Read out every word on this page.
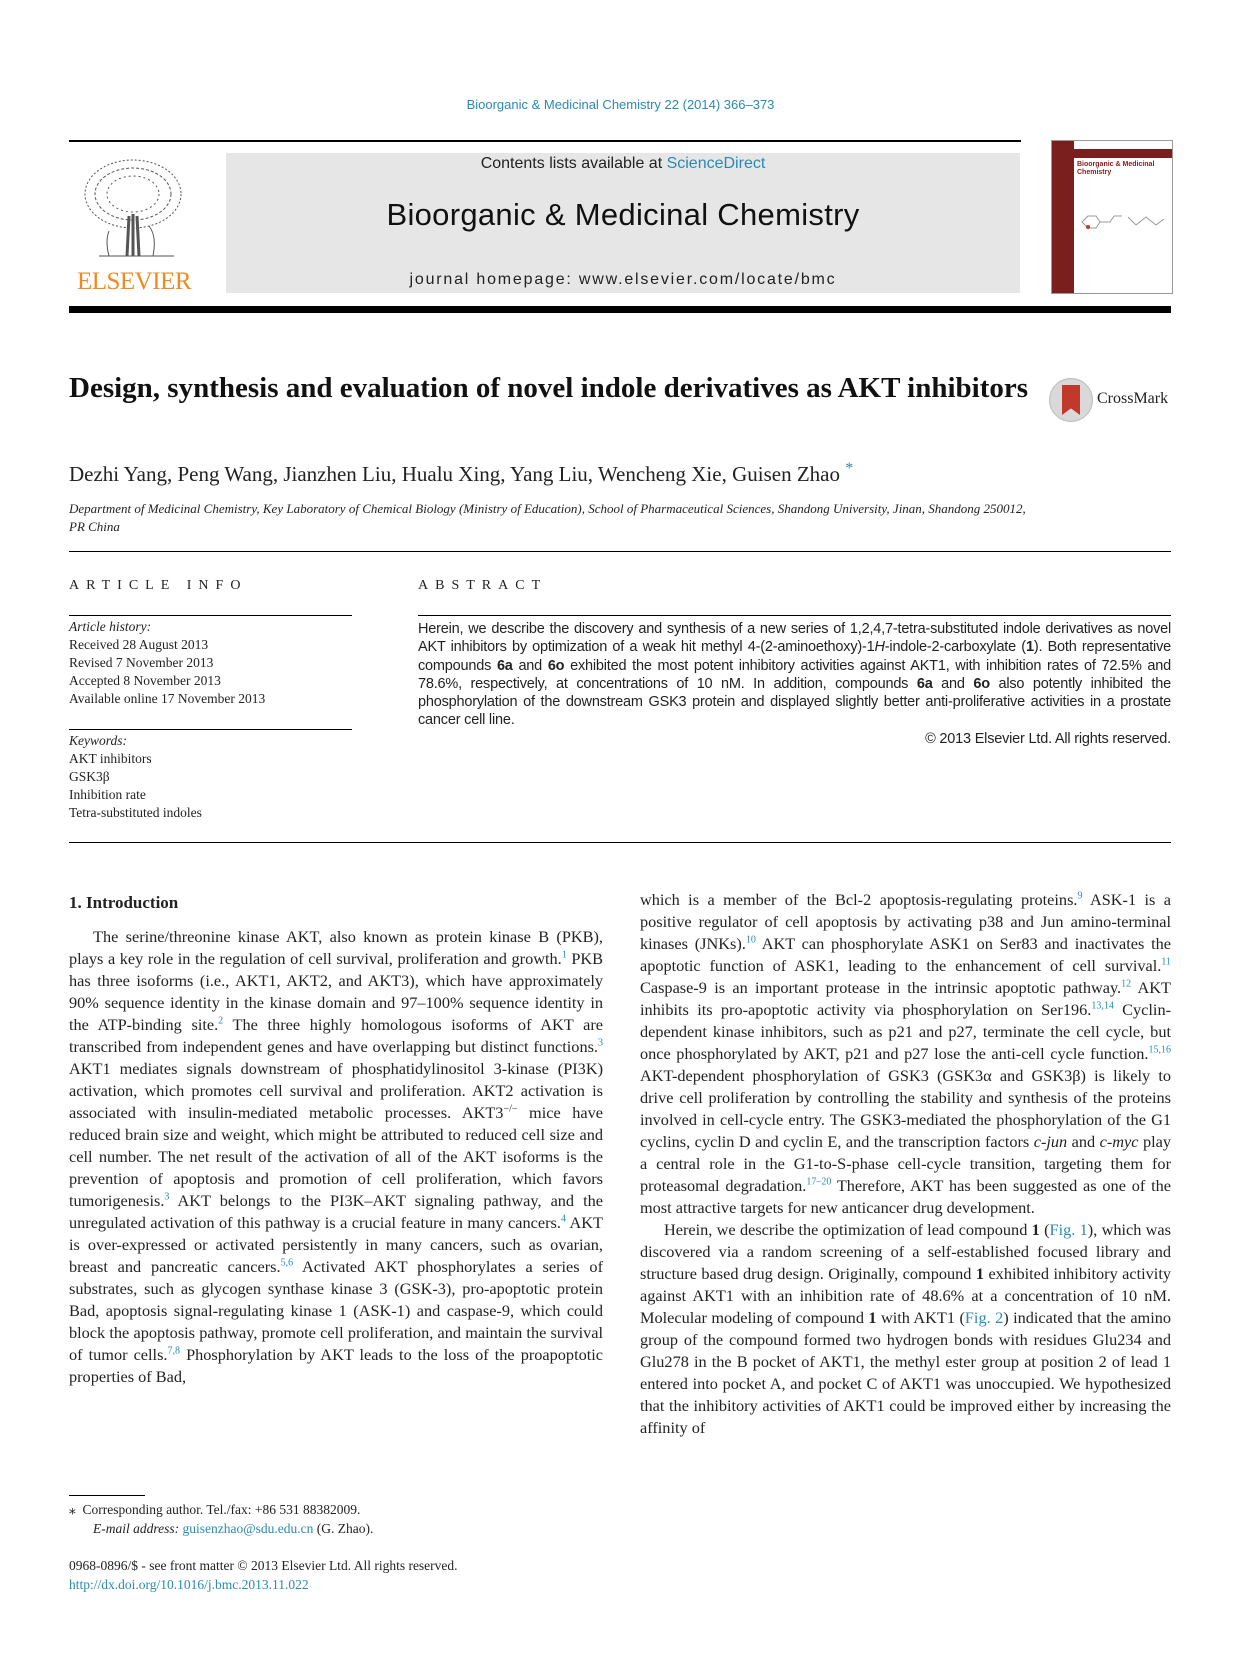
Bioorganic & Medicinal Chemistry 22 (2014) 366–373
ELSEVIER
Contents lists available at ScienceDirect
Bioorganic & Medicinal Chemistry
journal homepage: www.elsevier.com/locate/bmc
Bioorganic & Medicinal Chemistry
Design, synthesis and evaluation of novel indole derivatives as AKT inhibitors	CrossMark
Dezhi Yang, Peng Wang, Jianzhen Liu, Hualu Xing, Yang Liu, Wencheng Xie, Guisen Zhao *
Department of Medicinal Chemistry, Key Laboratory of Chemical Biology (Ministry of Education), School of Pharmaceutical Sciences, Shandong University, Jinan, Shandong 250012, PR China
ARTICLE INFO
Article history:
Received 28 August 2013
Revised 7 November 2013
Accepted 8 November 2013
Available online 17 November 2013
Keywords:
AKT inhibitors
GSK3β
Inhibition rate
Tetra-substituted indoles
ABSTRACT
Herein, we describe the discovery and synthesis of a new series of 1,2,4,7-tetra-substituted indole derivatives as novel AKT inhibitors by optimization of a weak hit methyl 4-(2-aminoethoxy)-1H-indole-2-carboxylate (1). Both representative compounds 6a and 6o exhibited the most potent inhibitory activities against AKT1, with inhibition rates of 72.5% and 78.6%, respectively, at concentrations of 10 nM. In addition, compounds 6a and 6o also potently inhibited the phosphorylation of the downstream GSK3 protein and displayed slightly better anti-proliferative activities in a prostate cancer cell line.
© 2013 Elsevier Ltd. All rights reserved.
1. Introduction

The serine/threonine kinase AKT, also known as protein kinase B (PKB), plays a key role in the regulation of cell survival, proliferation and growth.$^1$ PKB has three isoforms (i.e., AKT1, AKT2, and AKT3), which have approximately 90% sequence identity in the kinase domain and 97–100% sequence identity in the ATP-binding site.$^2$ The three highly homologous isoforms of AKT are transcribed from independent genes and have overlapping but distinct functions.$^3$ AKT1 mediates signals downstream of phosphatidylinositol 3-kinase (PI3K) activation, which promotes cell survival and proliferation. AKT2 activation is associated with insulin-mediated metabolic processes. AKT3−/− mice have reduced brain size and weight, which might be attributed to reduced cell size and cell number. The net result of the activation of all of the AKT isoforms is the prevention of apoptosis and promotion of cell proliferation, which favors tumorigenesis.$^3$ AKT belongs to the PI3K–AKT signaling pathway, and the unregulated activation of this pathway is a crucial feature in many cancers.$^4$ AKT is over-expressed or activated persistently in many cancers, such as ovarian, breast and pancreatic cancers.$^{5,6}$ Activated AKT phosphorylates a series of substrates, such as glycogen synthase kinase 3 (GSK-3), pro-apoptotic protein Bad, apoptosis signal-regulating kinase 1 (ASK-1) and caspase-9, which could block the apoptosis pathway, promote cell proliferation, and maintain the survival of tumor cells.$^{7,8}$ Phosphorylation by AKT leads to the loss of the proapoptotic properties of Bad,

which is a member of the Bcl-2 apoptosis-regulating proteins.$^9$ ASK-1 is a positive regulator of cell apoptosis by activating p38 and Jun amino-terminal kinases (JNKs).$^{10}$ AKT can phosphorylate ASK1 on Ser83 and inactivates the apoptotic function of ASK1, leading to the enhancement of cell survival.$^{11}$ Caspase-9 is an important protease in the intrinsic apoptotic pathway.$^{12}$ AKT inhibits its pro-apoptotic activity via phosphorylation on Ser196.$^{13,14}$ Cyclin-dependent kinase inhibitors, such as p21 and p27, terminate the cell cycle, but once phosphorylated by AKT, p21 and p27 lose the anti-cell cycle function.$^{15,16}$ AKT-dependent phosphorylation of GSK3 (GSK3α and GSK3β) is likely to drive cell proliferation by controlling the stability and synthesis of the proteins involved in cell-cycle entry. The GSK3-mediated the phosphorylation of the G1 cyclins, cyclin D and cyclin E, and the transcription factors c-jun and c-myc play a central role in the G1-to-S-phase cell-cycle transition, targeting them for proteasomal degradation.$^{17-20}$ Therefore, AKT has been suggested as one of the most attractive targets for new anticancer drug development.

Herein, we describe the optimization of lead compound 1 (Fig. 1), which was discovered via a random screening of a self-established focused library and structure based drug design. Originally, compound 1 exhibited inhibitory activity against AKT1 with an inhibition rate of 48.6% at a concentration of 10 nM. Molecular modeling of compound 1 with AKT1 (Fig. 2) indicated that the amino group of the compound formed two hydrogen bonds with residues Glu234 and Glu278 in the B pocket of AKT1, the methyl ester group at position 2 of lead 1 entered into pocket A, and pocket C of AKT1 was unoccupied. We hypothesized that the inhibitory activities of AKT1 could be improved either by increasing the affinity of

⁎ Corresponding author. Tel./fax: +86 531 88382009.
E-mail address: guisenzhao@sdu.edu.cn (G. Zhao).
0968-0896/$ - see front matter © 2013 Elsevier Ltd. All rights reserved.
http://dx.doi.org/10.1016/j.bmc.2013.11.022
